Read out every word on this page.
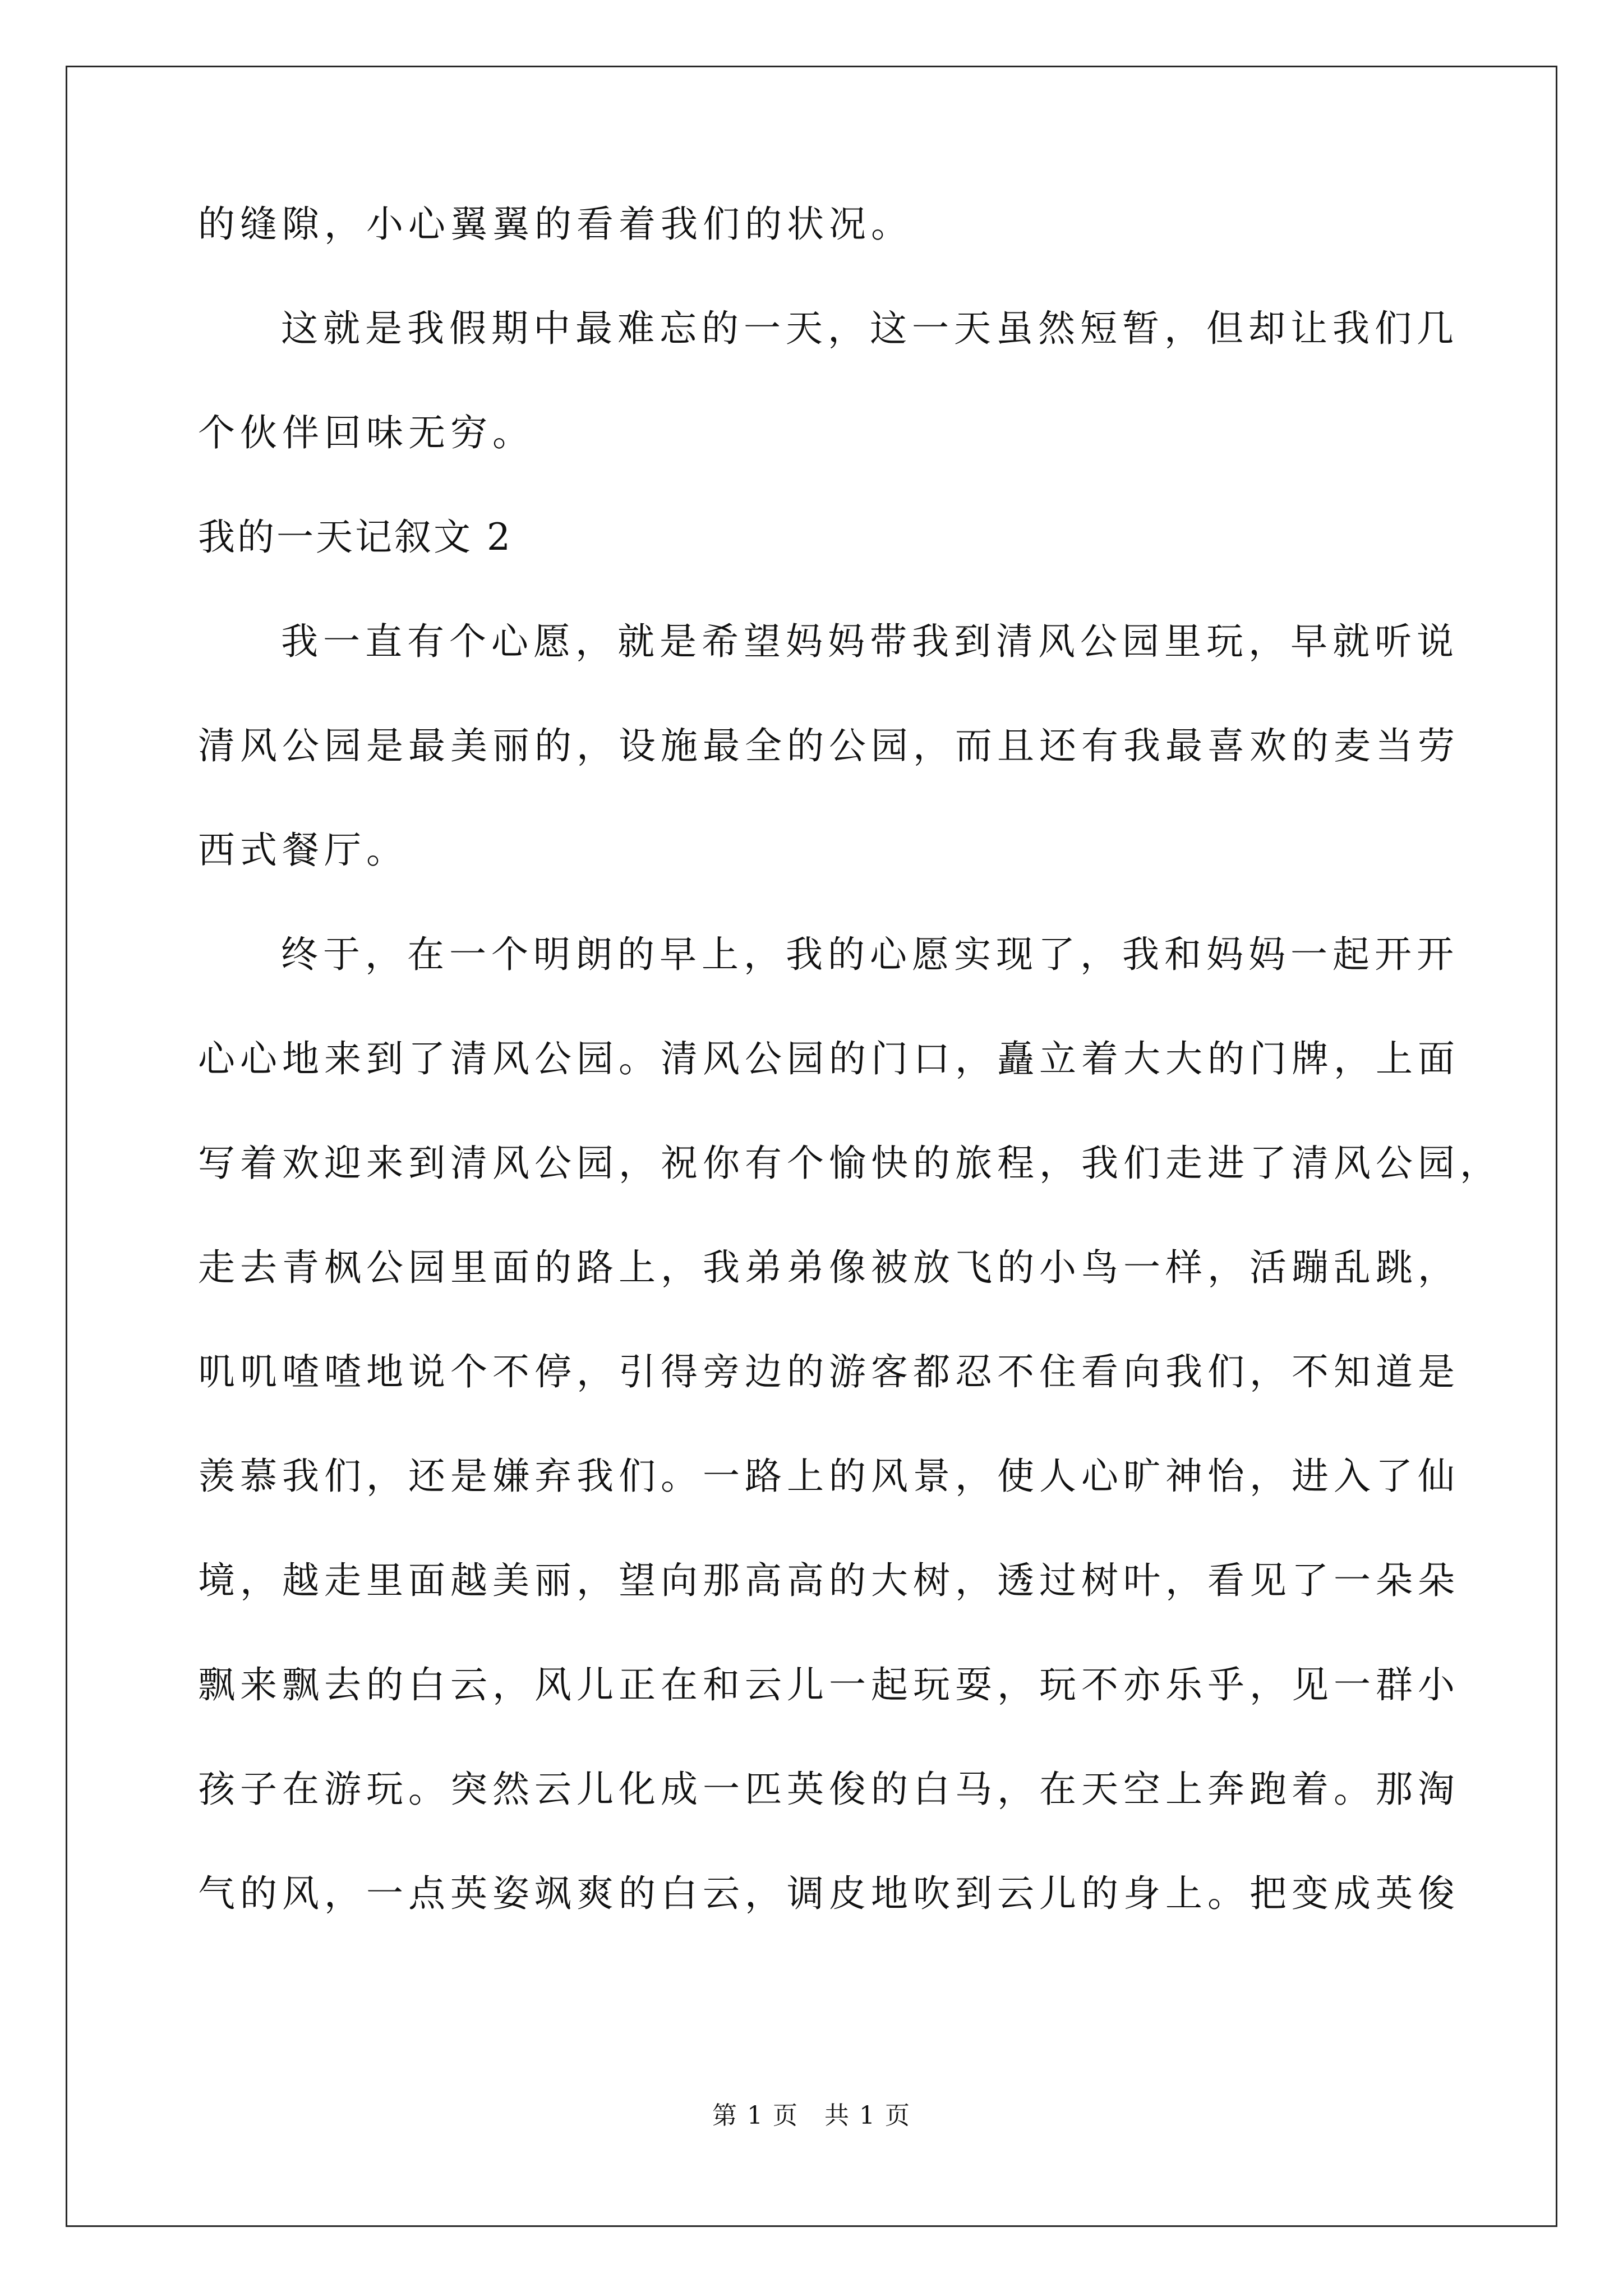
的缝隙，小心翼翼的看着我们的状况。
这就是我假期中最难忘的一天，这一天虽然短暂，但却让我们几
个伙伴回味无穷。
我的一天记叙文 2
我一直有个心愿，就是希望妈妈带我到清风公园里玩，早就听说
清风公园是最美丽的，设施最全的公园，而且还有我最喜欢的麦当劳
西式餐厅。
终于，在一个明朗的早上，我的心愿实现了，我和妈妈一起开开
心心地来到了清风公园。清风公园的门口，矗立着大大的门牌，上面
写着欢迎来到清风公园，祝你有个愉快的旅程，我们走进了清风公园，
走去青枫公园里面的路上，我弟弟像被放飞的小鸟一样，活蹦乱跳，
叽叽喳喳地说个不停，引得旁边的游客都忍不住看向我们，不知道是
羡慕我们，还是嫌弃我们。一路上的风景，使人心旷神怡，进入了仙
境，越走里面越美丽，望向那高高的大树，透过树叶，看见了一朵朵
飘来飘去的白云，风儿正在和云儿一起玩耍，玩不亦乐乎，见一群小
孩子在游玩。突然云儿化成一匹英俊的白马，在天空上奔跑着。那淘
气的风，一点英姿飒爽的白云，调皮地吹到云儿的身上。把变成英俊
第 1 页　共 1 页
